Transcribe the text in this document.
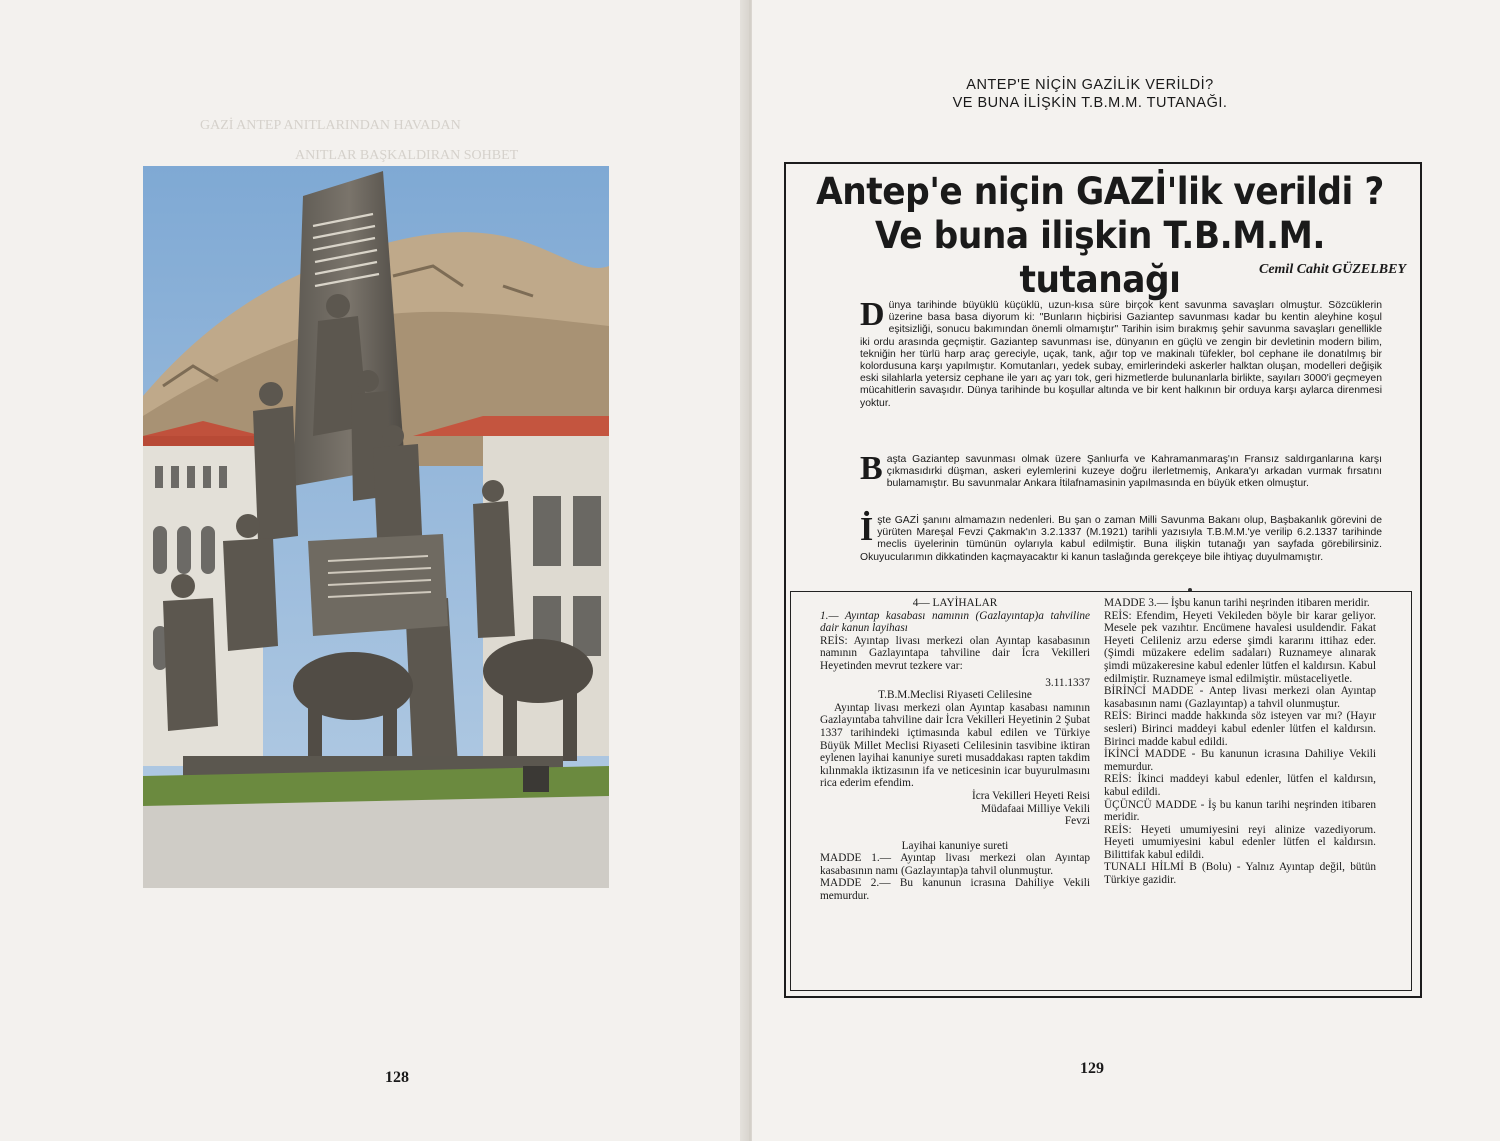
GAZİ ANTEP ANITLARINDAN HAVADAN
ANITLAR BAŞKALDIRAN SOHBET
128
ANTEP'E NİÇİN GAZİLİK VERİLDİ?
VE BUNA İLİŞKİN T.B.M.M. TUTANAĞI.
Antep'e niçin GAZİ'lik verildi ?
Ve buna ilişkin T.B.M.M. tutanağı	Cemil Cahit GÜZELBEY
Dünya tarihinde büyüklü küçüklü, uzun-kısa süre birçok kent savunma savaşları olmuştur. Sözcüklerin üzerine basa basa diyorum ki: "Bunların hiçbirisi Gaziantep savunması kadar bu kentin aleyhine koşul eşitsizliği, sonucu bakımından önemli olmamıştır" Tarihin isim bırakmış şehir savunma savaşları genellikle iki ordu arasında geçmiştir. Gaziantep savunması ise, dünyanın en güçlü ve zengin bir devletinin modern bilim, tekniğin her türlü harp araç gereciyle, uçak, tank, ağır top ve makinalı tüfekler, bol cephane ile donatılmış bir kolordusuna karşı yapılmıştır. Komutanları, yedek subay, emirlerindeki askerler halktan oluşan, modelleri değişik eski silahlarla yetersiz cephane ile yarı aç yarı tok, geri hizmetlerde bulunanlarla birlikte, sayıları 3000'i geçmeyen mücahitlerin savaşıdır. Dünya tarihinde bu koşullar altında ve bir kent halkının bir orduya karşı aylarca direnmesi yoktur.
Başta Gaziantep savunması olmak üzere Şanlıurfa ve Kahramanmaraş'ın Fransız saldırganlarına karşı çıkmasıdırki düşman, askeri eylemlerini kuzeye doğru ilerletmemiş, Ankara'yı arkadan vurmak fırsatını bulamamıştır. Bu savunmalar Ankara İtilafnamasinin yapılmasında en büyük etken olmuştur.
İşte GAZİ şanını almamazın nedenleri. Bu şan o zaman Milli Savunma Bakanı olup, Başbakanlık görevini de yürüten Mareşal Fevzi Çakmak'ın 3.2.1337 (M.1921) tarihli yazısıyla T.B.M.M.'ye verilip 6.2.1337 tarihinde meclis üyelerinin tümünün oylarıyla kabul edilmiştir. Buna ilişkin tutanağı yan sayfada görebilirsiniz. Okuyucularımın dikkatinden kaçmayacaktır ki kanun taslağında gerekçeye bile ihtiyaç duyulmamıştır.

4— LAYİHALAR

1.— Ayıntap kasabası namının (Gazlayıntap)a tahviline dair kanun layihası

REİS: Ayıntap livası merkezi olan Ayıntap kasabasının namının Gazlayıntapa tahviline dair İcra Vekilleri Heyetinden mevrut tezkere var:

3.11.1337

T.B.M.Meclisi Riyaseti Celilesine

Ayıntap livası merkezi olan Ayıntap kasabası namının Gazlayıntaba tahviline dair İcra Vekilleri Heyetinin 2 Şubat 1337 tarihindeki içtimasında kabul edilen ve Türkiye Büyük Millet Meclisi Riyaseti Celilesinin tasvibine iktiran eylenen layihai kanuniye sureti musaddakası rapten takdim kılınmakla iktizasının ifa ve neticesinin icar buyurulmasını rica ederim efendim.

İcra Vekilleri Heyeti Reisi

Müdafaai Milliye Vekili

Fevzi

Layihai kanuniye sureti

MADDE 1.— Ayıntap livası merkezi olan Ayıntap kasabasının namı (Gazlayıntap)a tahvil olunmuştur.

MADDE 2.— Bu kanunun icrasına Dahiliye Vekili memurdur.

MADDE 3.— İşbu kanun tarihi neşrinden itibaren meridir.

REİS: Efendim, Heyeti Vekileden böyle bir karar geliyor. Mesele pek vazıhtır. Encümene havalesi usuldendir. Fakat Heyeti Celileniz arzu ederse şimdi kararını ittihaz eder. (Şimdi müzakere edelim sadaları) Ruznameye alınarak şimdi müzakeresine kabul edenler lütfen el kaldırsın. Kabul edilmiştir. Ruznameye ismal edilmiştir. müstaceliyetle.

BİRİNCİ MADDE - Antep livası merkezi olan Ayıntap kasabasının namı (Gazlayıntap) a tahvil olunmuştur.

REİS: Birinci madde hakkında söz isteyen var mı? (Hayır sesleri) Birinci maddeyi kabul edenler lütfen el kaldırsın. Birinci madde kabul edildi.

İKİNCİ MADDE - Bu kanunun icrasına Dahiliye Vekili memurdur.

REİS: İkinci maddeyi kabul edenler, lütfen el kaldırsın, kabul edildi.

ÜÇÜNCÜ MADDE - İş bu kanun tarihi neşrinden itibaren meridir.

REİS: Heyeti umumiyesini reyi alinize vazediyorum. Heyeti umumiyesini kabul edenler lütfen el kaldırsın. Bilittifak kabul edildi.

TUNALI HİLMİ B (Bolu) - Yalnız Ayıntap değil, bütün Türkiye gazidir.

129
